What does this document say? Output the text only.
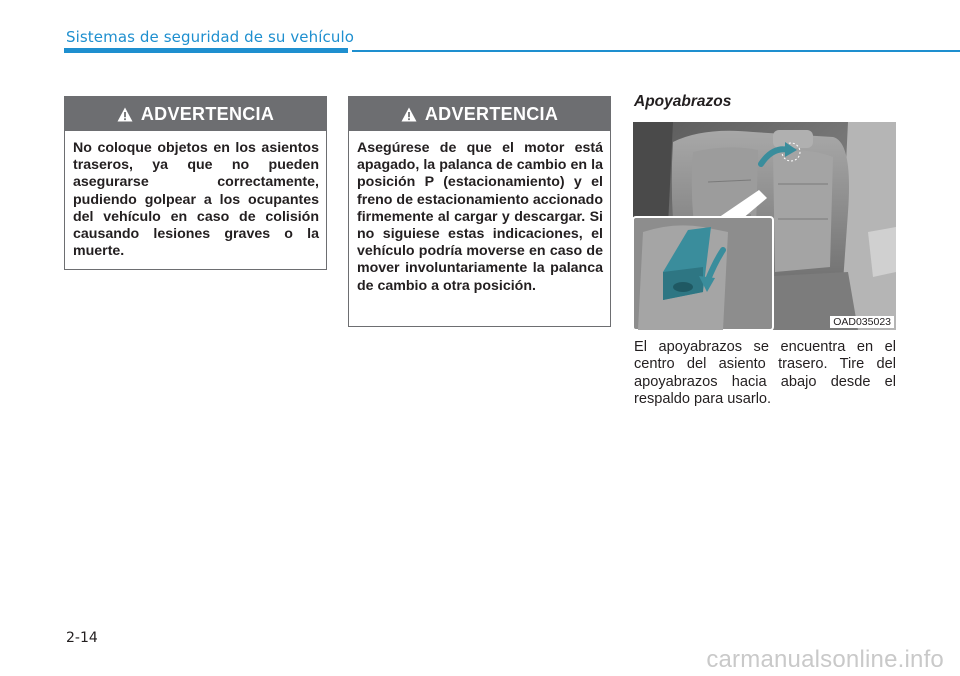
Sistemas de seguridad de su vehículo
ADVERTENCIA
No coloque objetos en los asientos traseros, ya que no pueden asegurarse correctamente, pudiendo golpear a los ocupantes del vehículo en caso de colisión causando lesiones graves o la muerte.
ADVERTENCIA
Asegúrese de que el motor está apagado, la palanca de cambio en la posición P (estacionamiento) y el freno de estacionamiento accionado firmemente al cargar y descargar. Si no siguiese estas indicaciones, el vehículo podría moverse en caso de mover involuntariamente la palanca de cambio a otra posición.
Apoyabrazos
OAD035023
El apoyabrazos se encuentra en el centro del asiento trasero. Tire del apoyabrazos hacia abajo desde el respaldo para usarlo.
2-14
carmanualsonline.info
